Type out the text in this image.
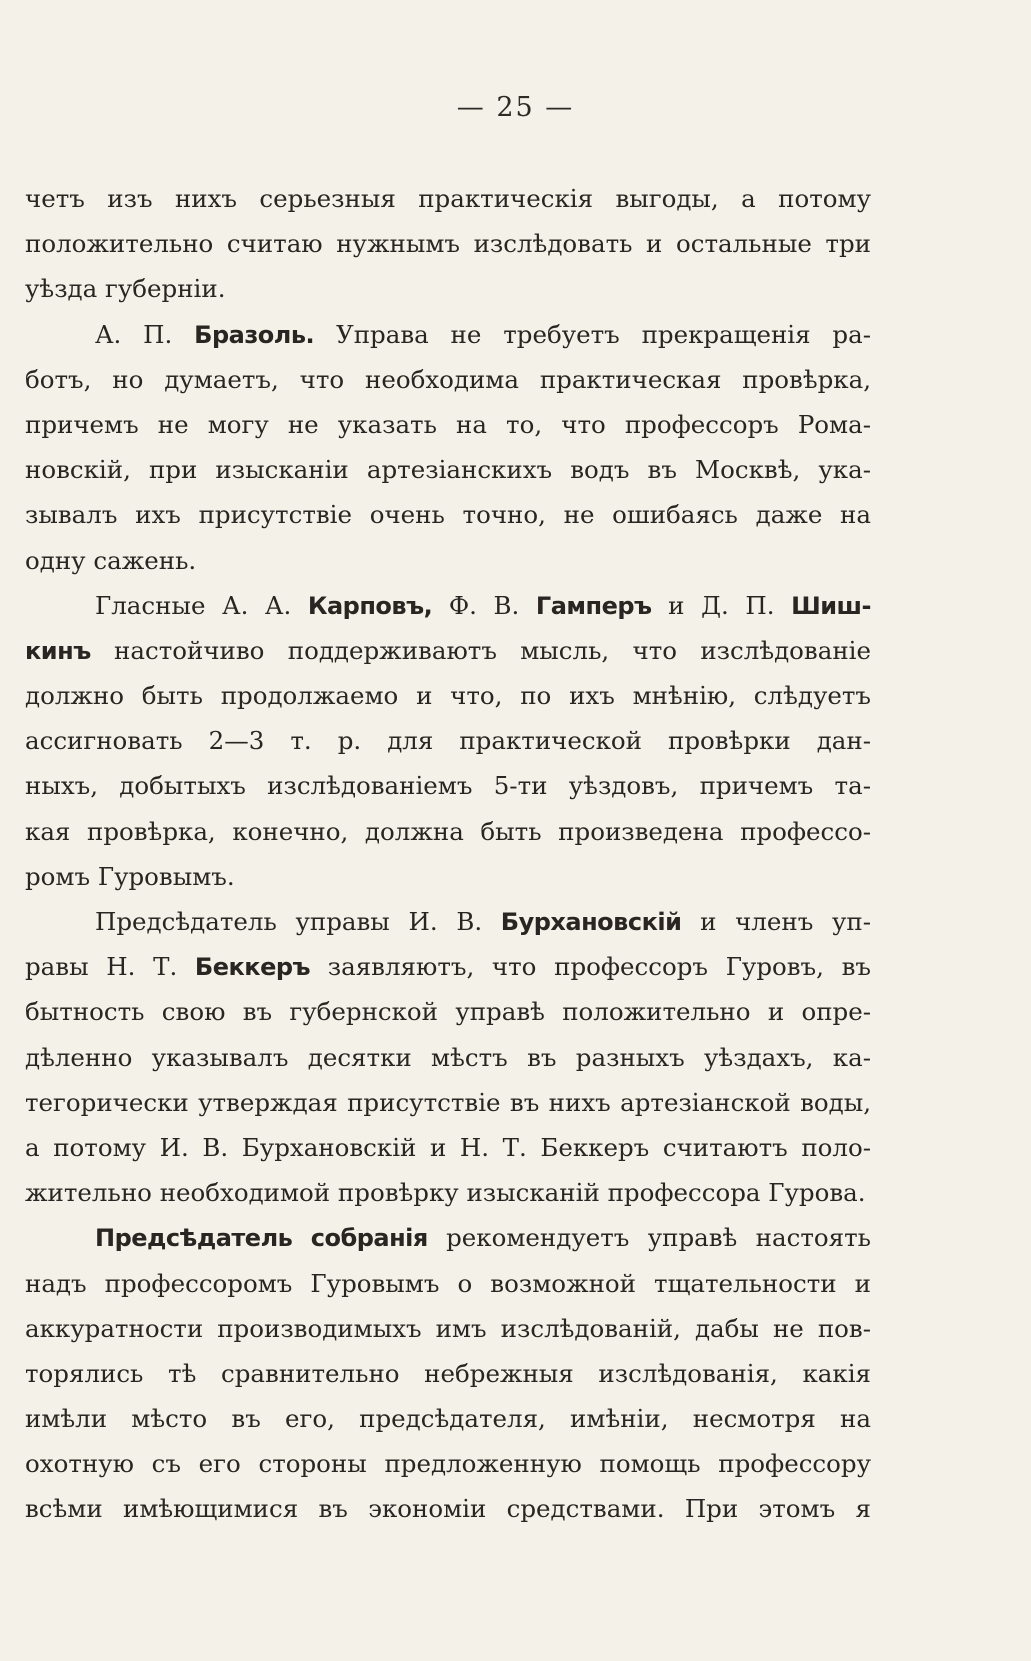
— 25 —
четъ изъ нихъ серьезныя практическія выгоды, а потому
положительно считаю нужнымъ изслѣдовать и остальные три
уѣзда губерніи.
А. П. Бразоль. Управа не требуетъ прекращенія ра-
ботъ, но думаетъ, что необходима практическая провѣрка,
причемъ не могу не указать на то, что профессоръ Рома-
новскій, при изысканіи артезіанскихъ водъ въ Москвѣ, ука-
зывалъ ихъ присутствіе очень точно, не ошибаясь даже на
одну сажень.
Гласные А. А. Карповъ, Ф. В. Гамперъ и Д. П. Шиш-
кинъ настойчиво поддерживаютъ мысль, что изслѣдованіе
должно быть продолжаемо и что, по ихъ мнѣнію, слѣдуетъ
ассигновать 2—3 т. р. для практической провѣрки дан-
ныхъ, добытыхъ изслѣдованіемъ 5-ти уѣздовъ, причемъ та-
кая провѣрка, конечно, должна быть произведена профессо-
ромъ Гуровымъ.
Предсѣдатель управы И. В. Бурхановскій и членъ уп-
равы Н. Т. Беккеръ заявляютъ, что профессоръ Гуровъ, въ
бытность свою въ губернской управѣ положительно и опре-
дѣленно указывалъ десятки мѣстъ въ разныхъ уѣздахъ, ка-
тегорически утверждая присутствіе въ нихъ артезіанской воды,
а потому И. В. Бурхановскій и Н. Т. Беккеръ считаютъ поло-
жительно необходимой провѣрку изысканій профессора Гурова.
Предсѣдатель собранія рекомендуетъ управѣ настоять
надъ профессоромъ Гуровымъ о возможной тщательности и
аккуратности производимыхъ имъ изслѣдованій, дабы не пов-
торялись тѣ сравнительно небрежныя изслѣдованія, какія
имѣли мѣсто въ его, предсѣдателя, имѣніи, несмотря на
охотную съ его стороны предложенную помощь профессору
всѣми имѣющимися въ экономіи средствами. При этомъ я
